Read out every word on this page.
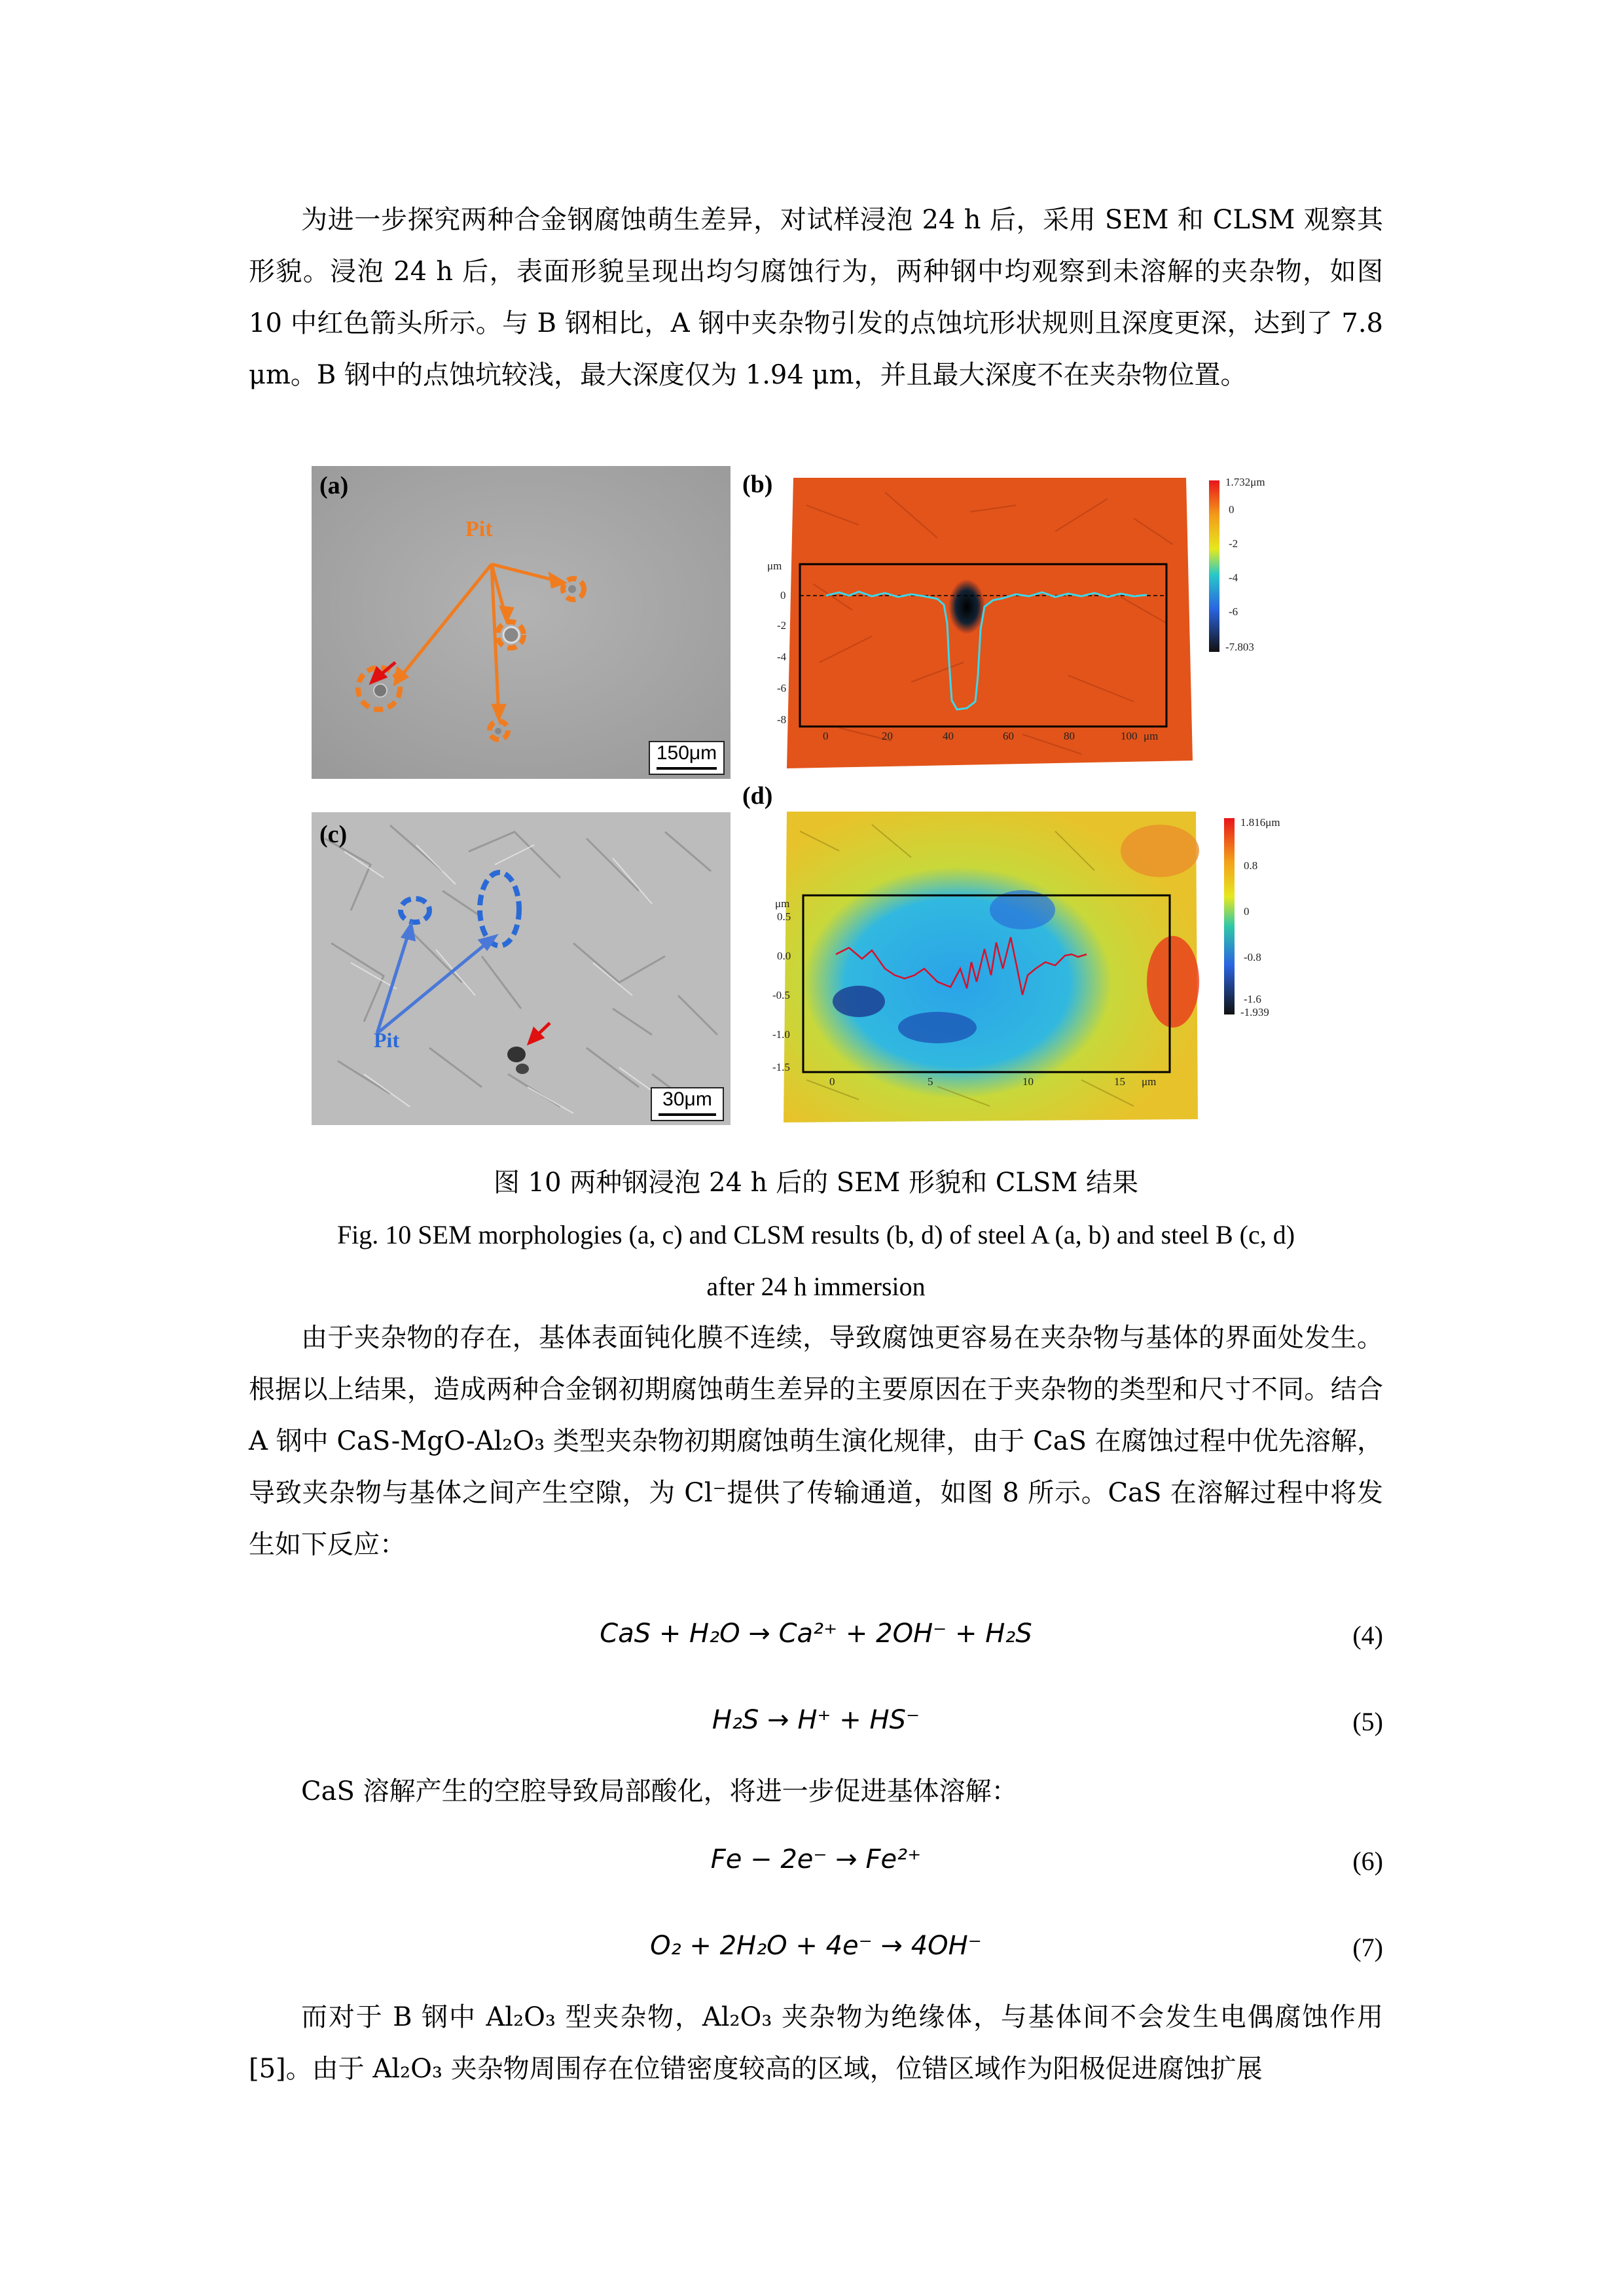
为进一步探究两种合金钢腐蚀萌生差异，对试样浸泡 24 h 后，采用 SEM 和 CLSM 观察其形貌。浸泡 24 h 后，表面形貌呈现出均匀腐蚀行为，两种钢中均观察到未溶解的夹杂物，如图 10 中红色箭头所示。与 B 钢相比，A 钢中夹杂物引发的点蚀坑形状规则且深度更深，达到了 7.8 μm。B 钢中的点蚀坑较浅，最大深度仅为 1.94 μm，并且最大深度不在夹杂物位置。

(a)
Pit
150μm
μm
0
-2
-4
-6
-8
0	20	40	60	80	100 μm
1.732μm
0
-2
-4
-6
-7.803
(b)
(c)
Pit
30μm
μm
0.5
0.0
-0.5
-1.0
-1.5
0	5	10	15 μm
1.816μm
0.8
0
-0.8
-1.6
-1.939
(d)

图 10 两种钢浸泡 24 h 后的 SEM 形貌和 CLSM 结果

Fig. 10 SEM morphologies (a, c) and CLSM results (b, d) of steel A (a, b) and steel B (c, d)

after 24 h immersion

由于夹杂物的存在，基体表面钝化膜不连续，导致腐蚀更容易在夹杂物与基体的界面处发生。根据以上结果，造成两种合金钢初期腐蚀萌生差异的主要原因在于夹杂物的类型和尺寸不同。结合 A 钢中 CaS-MgO-Al₂O₃ 类型夹杂物初期腐蚀萌生演化规律，由于 CaS 在腐蚀过程中优先溶解，导致夹杂物与基体之间产生空隙，为 Cl⁻提供了传输通道，如图 8 所示。CaS 在溶解过程中将发生如下反应：

CaS + H₂O → Ca²⁺ + 2OH⁻ + H₂S	(4)
H₂S → H⁺ + HS⁻	(5)

CaS 溶解产生的空腔导致局部酸化，将进一步促进基体溶解：

Fe − 2e⁻ → Fe²⁺	(6)
O₂ + 2H₂O + 4e⁻ → 4OH⁻	(7)

而对于 B 钢中 Al₂O₃ 型夹杂物，Al₂O₃ 夹杂物为绝缘体，与基体间不会发生电偶腐蚀作用[5]。由于 Al₂O₃ 夹杂物周围存在位错密度较高的区域，位错区域作为阳极促进腐蚀扩展
